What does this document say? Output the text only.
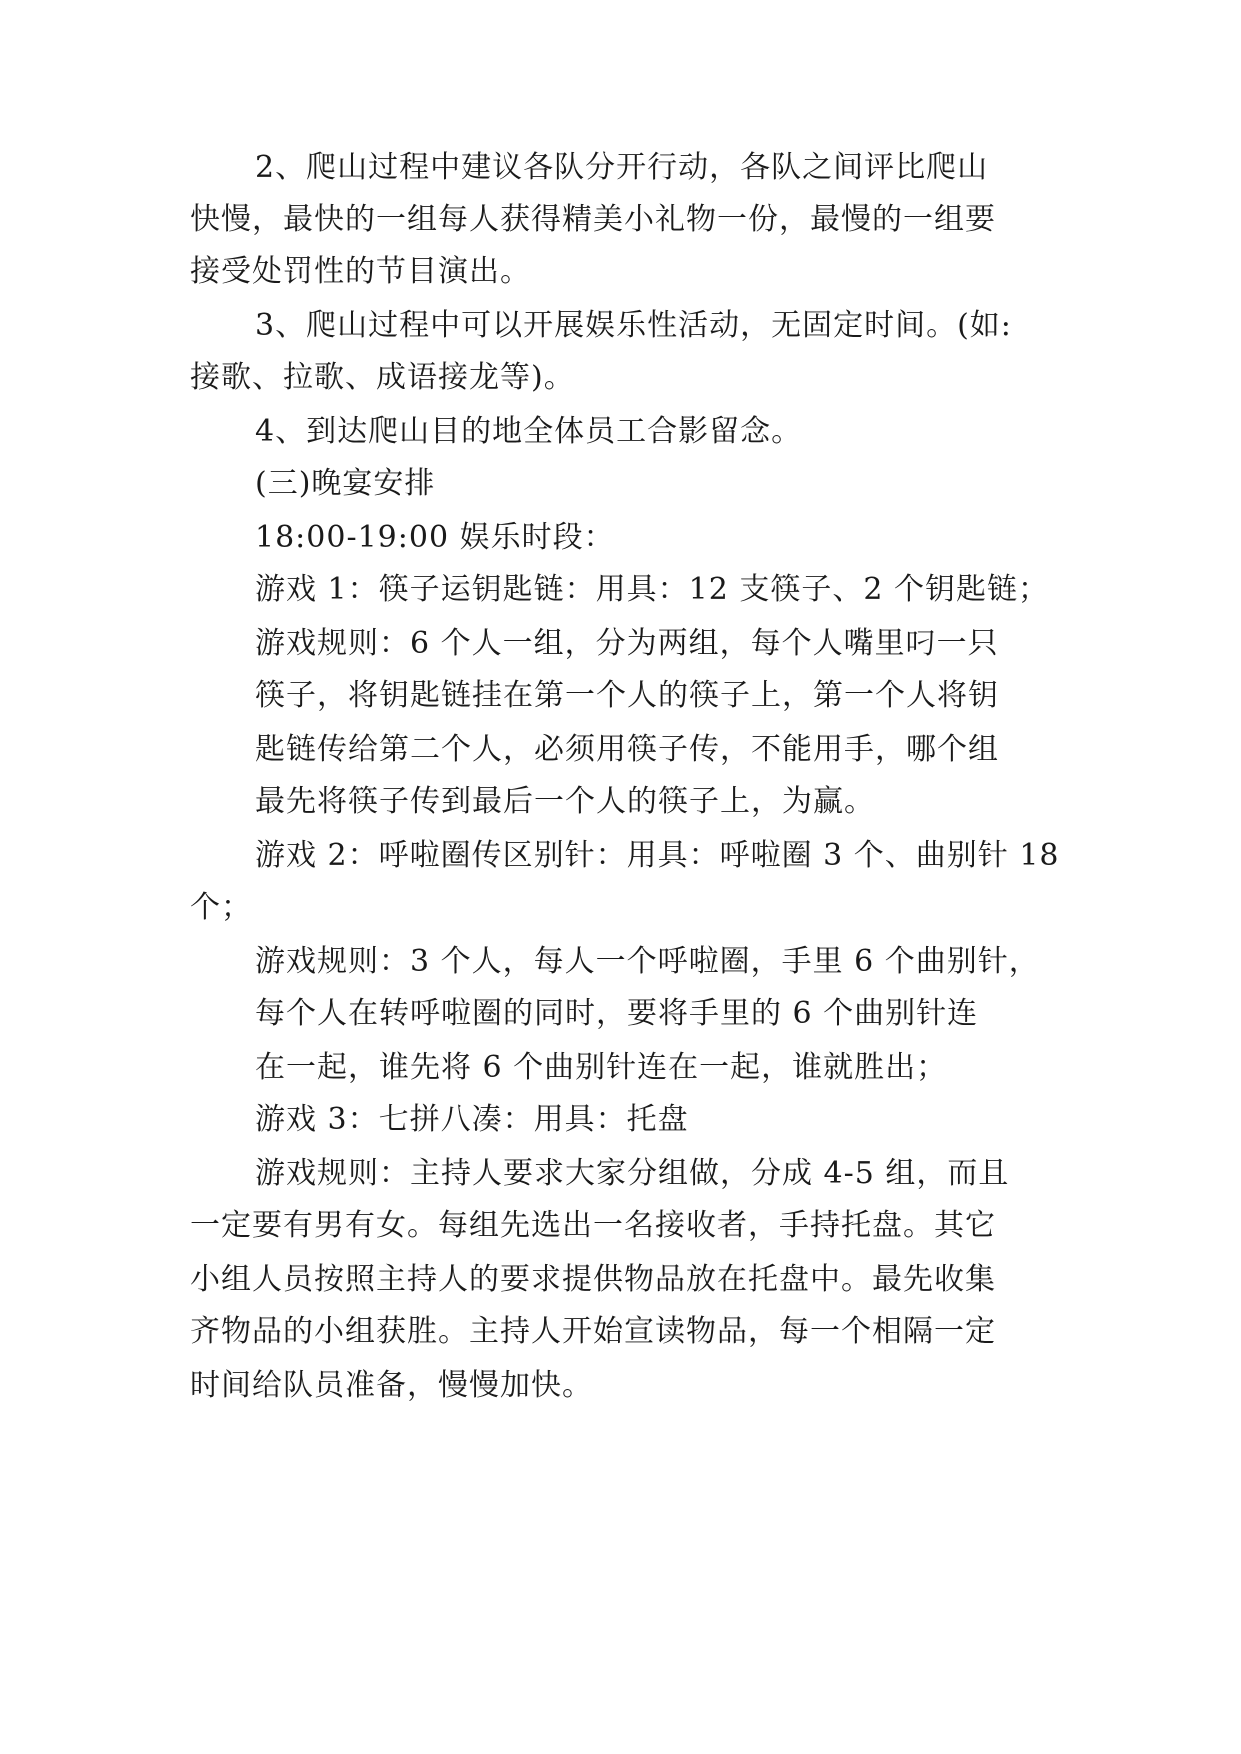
2、爬山过程中建议各队分开行动，各队之间评比爬山

快慢，最快的一组每人获得精美小礼物一份，最慢的一组要

接受处罚性的节目演出。

3、爬山过程中可以开展娱乐性活动，无固定时间。(如:

接歌、拉歌、成语接龙等)。

4、到达爬山目的地全体员工合影留念。

(三)晚宴安排

18:00-19:00 娱乐时段：

游戏 1：筷子运钥匙链：用具：12 支筷子、2 个钥匙链；

游戏规则：6 个人一组，分为两组，每个人嘴里叼一只

筷子，将钥匙链挂在第一个人的筷子上，第一个人将钥

匙链传给第二个人，必须用筷子传，不能用手，哪个组

最先将筷子传到最后一个人的筷子上，为赢。

游戏 2：呼啦圈传区别针：用具：呼啦圈 3 个、曲别针 18

个；

游戏规则：3 个人，每人一个呼啦圈，手里 6 个曲别针，

每个人在转呼啦圈的同时，要将手里的 6 个曲别针连

在一起，谁先将 6 个曲别针连在一起，谁就胜出；

游戏 3：七拼八凑：用具：托盘

游戏规则：主持人要求大家分组做，分成 4-5 组，而且

一定要有男有女。每组先选出一名接收者，手持托盘。其它

小组人员按照主持人的要求提供物品放在托盘中。最先收集

齐物品的小组获胜。主持人开始宣读物品，每一个相隔一定

时间给队员准备，慢慢加快。
